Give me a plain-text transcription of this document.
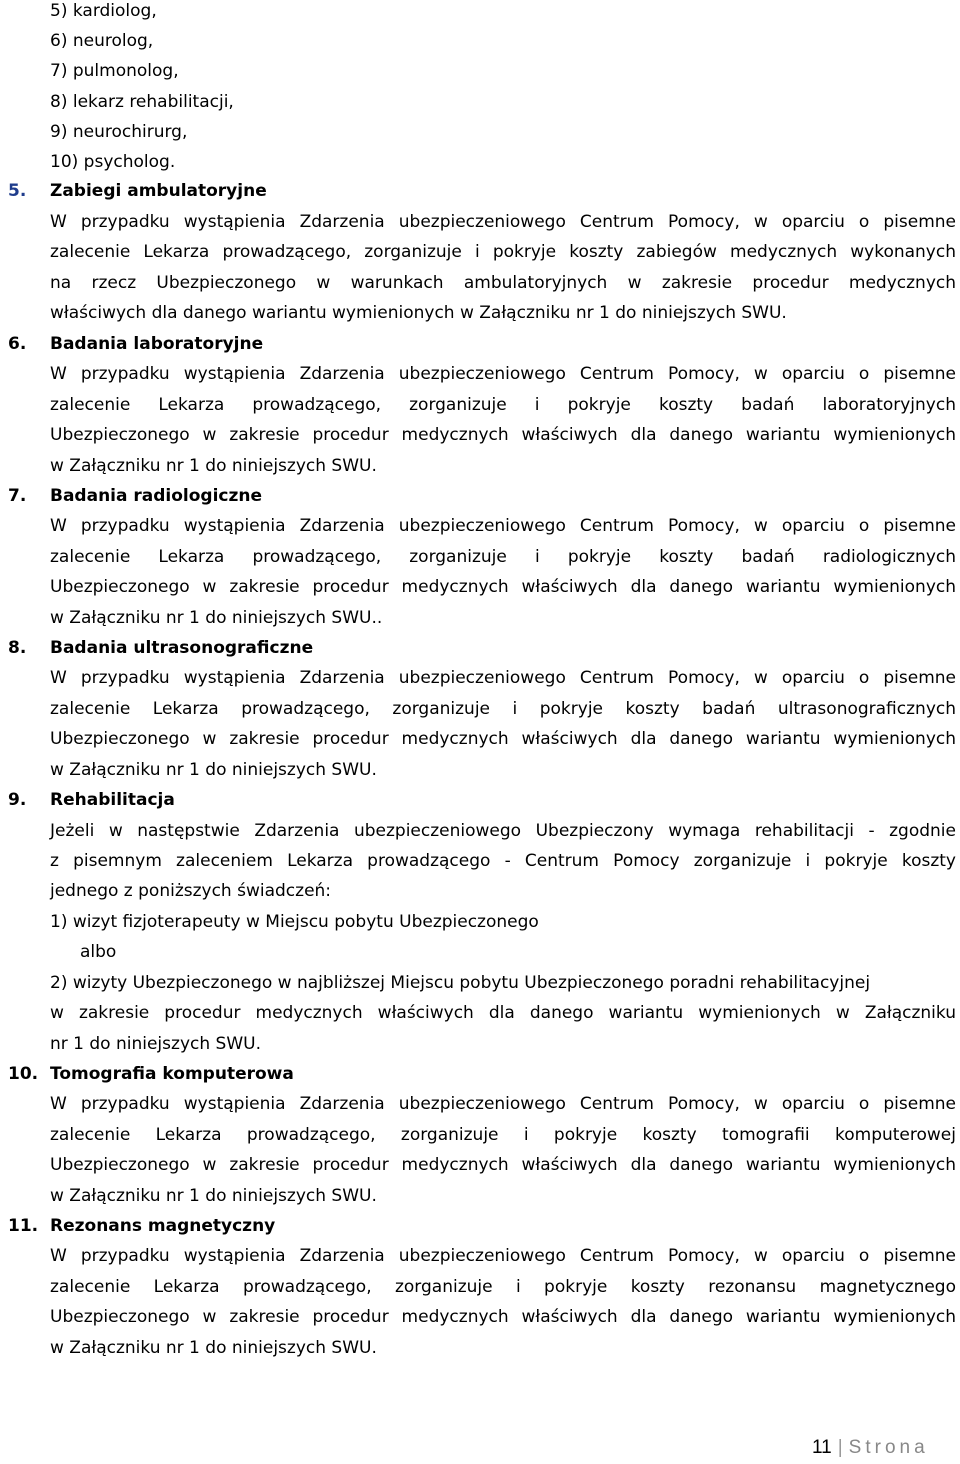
5) kardiolog,
6) neurolog,
7) pulmonolog,
8) lekarz rehabilitacji,
9) neurochirurg,
10) psycholog.
5. Zabiegi ambulatoryjne
W przypadku wystąpienia Zdarzenia ubezpieczeniowego Centrum Pomocy, w oparciu o pisemne
zalecenie Lekarza prowadzącego, zorganizuje i pokryje koszty zabiegów medycznych wykonanych
na rzecz Ubezpieczonego w warunkach ambulatoryjnych w zakresie procedur medycznych
właściwych dla danego wariantu wymienionych w Załączniku nr 1 do niniejszych SWU.
6. Badania laboratoryjne
W przypadku wystąpienia Zdarzenia ubezpieczeniowego Centrum Pomocy, w oparciu o pisemne
zalecenie Lekarza prowadzącego, zorganizuje i pokryje koszty badań laboratoryjnych
Ubezpieczonego w zakresie procedur medycznych właściwych dla danego wariantu wymienionych
w Załączniku nr 1 do niniejszych SWU.
7. Badania radiologiczne
W przypadku wystąpienia Zdarzenia ubezpieczeniowego Centrum Pomocy, w oparciu o pisemne
zalecenie Lekarza prowadzącego, zorganizuje i pokryje koszty badań radiologicznych
Ubezpieczonego w zakresie procedur medycznych właściwych dla danego wariantu wymienionych
w Załączniku nr 1 do niniejszych SWU..
8. Badania ultrasonograficzne
W przypadku wystąpienia Zdarzenia ubezpieczeniowego Centrum Pomocy, w oparciu o pisemne
zalecenie Lekarza prowadzącego, zorganizuje i pokryje koszty badań ultrasonograficznych
Ubezpieczonego w zakresie procedur medycznych właściwych dla danego wariantu wymienionych
w Załączniku nr 1 do niniejszych SWU.
9. Rehabilitacja
Jeżeli w następstwie Zdarzenia ubezpieczeniowego Ubezpieczony wymaga rehabilitacji - zgodnie
z pisemnym zaleceniem Lekarza prowadzącego - Centrum Pomocy zorganizuje i pokryje koszty
jednego z poniższych świadczeń:
1) wizyt fizjoterapeuty w Miejscu pobytu Ubezpieczonego
albo
2) wizyty Ubezpieczonego w najbliższej Miejscu pobytu Ubezpieczonego poradni rehabilitacyjnej
w zakresie procedur medycznych właściwych dla danego wariantu wymienionych w Załączniku
nr 1 do niniejszych SWU.
10. Tomografia komputerowa
W przypadku wystąpienia Zdarzenia ubezpieczeniowego Centrum Pomocy, w oparciu o pisemne
zalecenie Lekarza prowadzącego, zorganizuje i pokryje koszty tomografii komputerowej
Ubezpieczonego w zakresie procedur medycznych właściwych dla danego wariantu wymienionych
w Załączniku nr 1 do niniejszych SWU.
11. Rezonans magnetyczny
W przypadku wystąpienia Zdarzenia ubezpieczeniowego Centrum Pomocy, w oparciu o pisemne
zalecenie Lekarza prowadzącego, zorganizuje i pokryje koszty rezonansu magnetycznego
Ubezpieczonego w zakresie procedur medycznych właściwych dla danego wariantu wymienionych
w Załączniku nr 1 do niniejszych SWU.
11 | Strona
